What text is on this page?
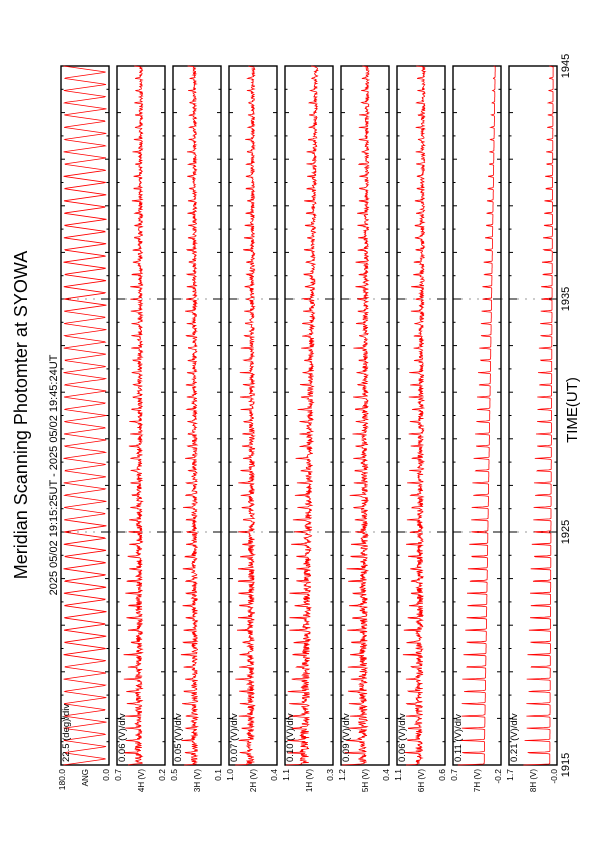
Meridian Scanning Photomter at SYOWA 2025 05/02 19:15:25UT - 2025 05/02 19:45:24UT	TIME(UT)
22.5 (deg)/div
ANG
180.0	0.0
0.06 (V)/div
4H (V)
0.7	0.2
0.05 (V)/div
3H (V)
0.5	0.1
0.07 (V)/div
2H (V)
1.0	0.4
0.10 (V)/div
1H (V)
1.1	0.3
0.09 (V)/div
5H (V)
1.2	0.4
0.06 (V)/div
6H (V)
1.1	0.6
0.11 (V)/div
7H (V)
0.7	-0.2
0.21 (V)/div
8H (V)
1.7	-0.0 1915
1925
1935
1945
